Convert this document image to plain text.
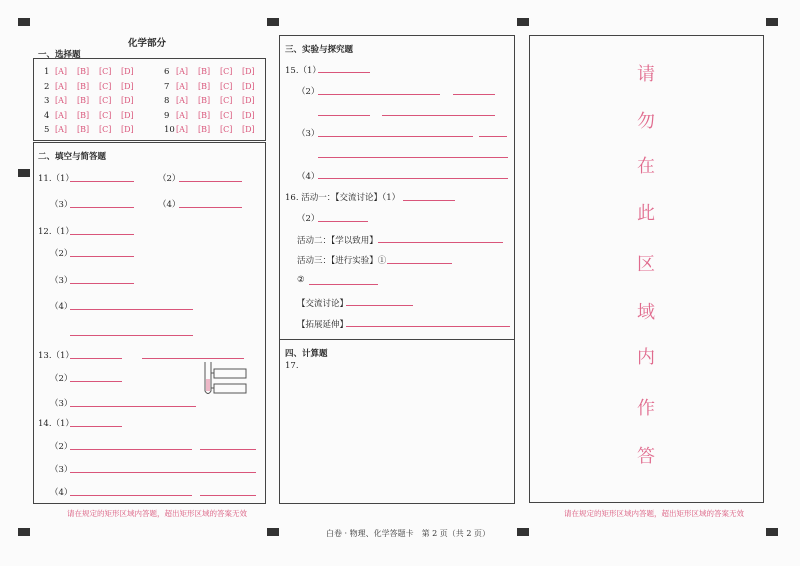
化学部分
一、选择题
1 [A] [B] [C] [D]
2 [A] [B] [C] [D]
3 [A] [B] [C] [D]
4 [A] [B] [C] [D]
5 [A] [B] [C] [D]
6 [A] [B] [C] [D]
7 [A] [B] [C] [D]
8 [A] [B] [C] [D]
9 [A] [B] [C] [D]
10 [A] [B] [C] [D]
二、填空与简答题
11.（1）	（2）
（3）	（4）
12.（1）
（2）
（3）
（4）
13.（1）
（2）
（3）
14.（1）
（2）
（3）
（4）
请在规定的矩形区域内答题，超出矩形区域的答案无效
三、实验与探究题
15.（1）
（2）
（3）
（4）
16. 活动一：【交流讨论】（1）
（2）
活动二：【学以致用】
活动三：【进行实验】①
②
【交流讨论】
【拓展延伸】
四、计算题
17.
请
勿
在
此
区
域
内
作
答
请在规定的矩形区域内答题，超出矩形区域的答案无效
白卷 · 物理、化学答题卡　第 2 页（共 2 页）
